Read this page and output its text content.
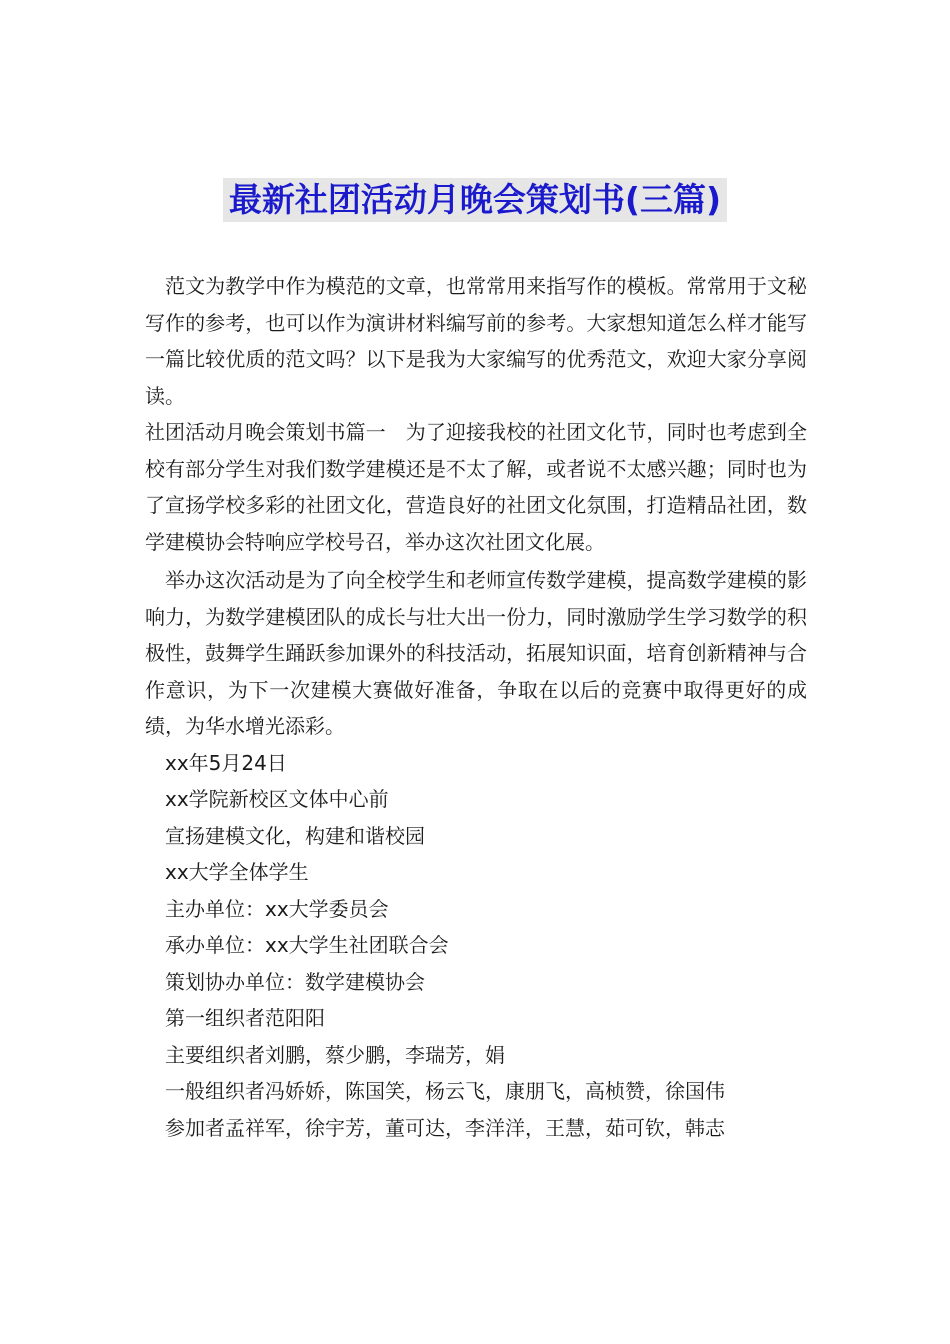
最新社团活动月晚会策划书(三篇)

范文为教学中作为模范的文章，也常常用来指写作的模板。常常用于文秘写作的参考，也可以作为演讲材料编写前的参考。大家想知道怎么样才能写一篇比较优质的范文吗？以下是我为大家编写的优秀范文，欢迎大家分享阅读。

社团活动月晚会策划书篇一　为了迎接我校的社团文化节，同时也考虑到全校有部分学生对我们数学建模还是不太了解，或者说不太感兴趣；同时也为了宣扬学校多彩的社团文化，营造良好的社团文化氛围，打造精品社团，数学建模协会特响应学校号召，举办这次社团文化展。

举办这次活动是为了向全校学生和老师宣传数学建模，提高数学建模的影响力，为数学建模团队的成长与壮大出一份力，同时激励学生学习数学的积极性，鼓舞学生踊跃参加课外的科技活动，拓展知识面，培育创新精神与合作意识，为下一次建模大赛做好准备，争取在以后的竞赛中取得更好的成绩，为华水增光添彩。

xx年5月24日

xx学院新校区文体中心前

宣扬建模文化，构建和谐校园

xx大学全体学生

主办单位：xx大学委员会

承办单位：xx大学生社团联合会

策划协办单位：数学建模协会

第一组织者范阳阳

主要组织者刘鹏，蔡少鹏，李瑞芳，娟

一般组织者冯娇娇，陈国笑，杨云飞，康朋飞，高桢赞，徐国伟

参加者孟祥军，徐宇芳，董可达，李洋洋，王慧，茹可钦，韩志
